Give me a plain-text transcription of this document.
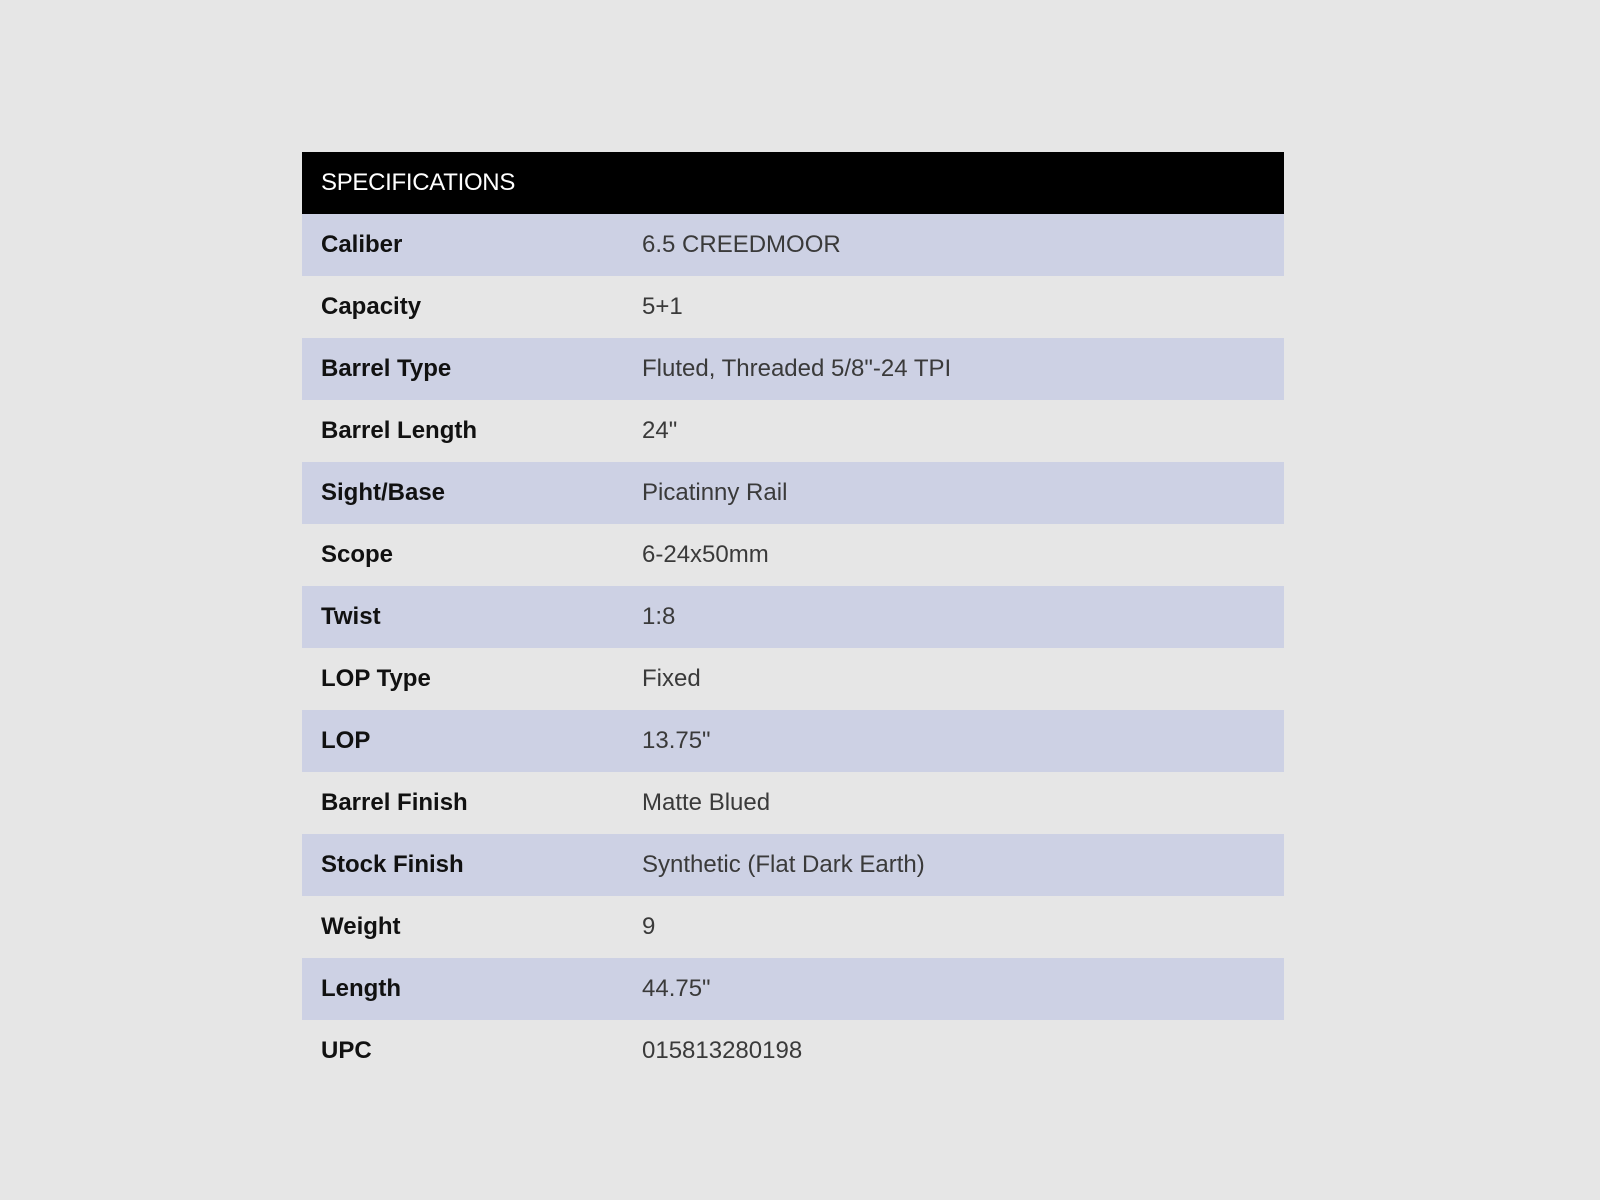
SPECIFICATIONS
Caliber	6.5 CREEDMOOR
Capacity	5+1
Barrel Type	Fluted, Threaded 5/8"-24 TPI
Barrel Length	24"
Sight/Base	Picatinny Rail
Scope	6-24x50mm
Twist	1:8
LOP Type	Fixed
LOP	13.75"
Barrel Finish	Matte Blued
Stock Finish	Synthetic (Flat Dark Earth)
Weight	9
Length	44.75"
UPC	015813280198
